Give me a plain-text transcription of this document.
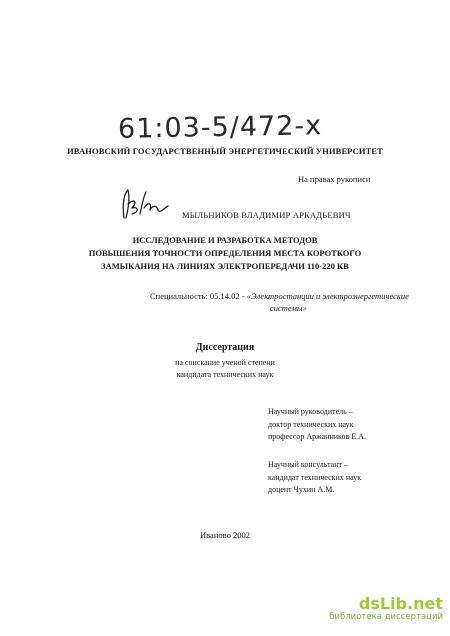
61:03-5/472-x
ИВАНОВСКИЙ ГОСУДАРСТВЕННЫЙ ЭНЕРГЕТИЧЕСКИЙ УНИВЕРСИТЕТ
На правах рукописи
МЫЛЬНИКОВ ВЛАДИМИР АРКАДЬЕВИЧ
ИССЛЕДОВАНИЕ И РАЗРАБОТКА МЕТОДОВ
ПОВЫШЕНИЯ ТОЧНОСТИ ОПРЕДЕЛЕНИЯ МЕСТА КОРОТКОГО
ЗАМЫКАНИЯ НА ЛИНИЯХ ЭЛЕКТРОПЕРЕДАЧИ 110-220 КВ
Специальность: 05.14.02 - «Электростанции и электроэнергетические
системы»
Диссертация
на соискание ученой степени
кандидата технических наук
Научный руководитель –
доктор технических наук
профессор Аржанников Е.А.
Научный консультант –
кандидат технических наук
доцент Чухин А.М.
Иваново 2002
dsLib.net
библиотека диссертаций
